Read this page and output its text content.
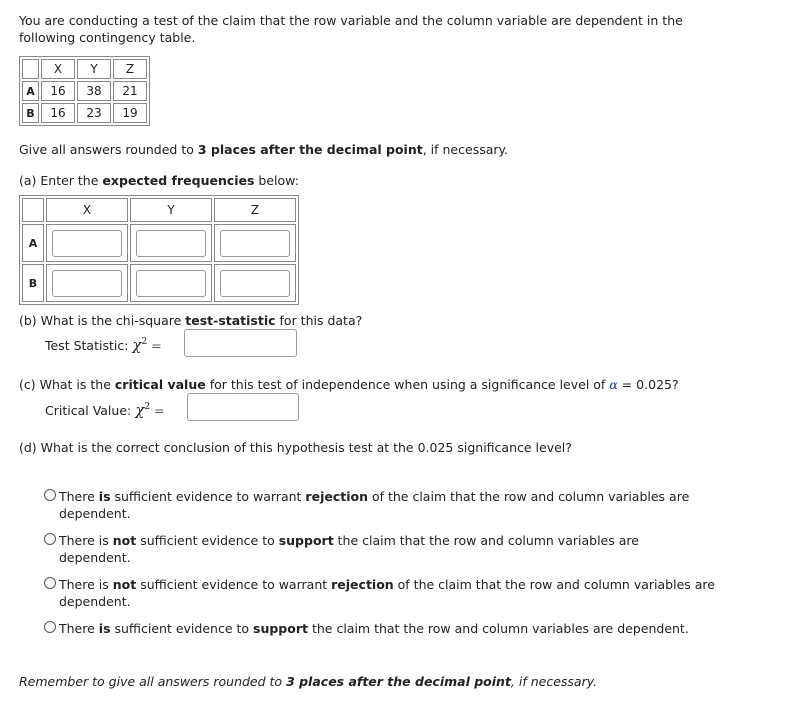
You are conducting a test of the claim that the row variable and the column variable are dependent in the
following contingency table.

	X	Y	Z
A	16	38	21
B	16	23	19

Give all answers rounded to 3 places after the decimal point, if necessary.

(a) Enter the expected frequencies below:

	X	Y	Z
A	

B	

(b) What is the chi-square test-statistic for this data?

Test Statistic: $\chi^2$ =

(c) What is the critical value for this test of independence when using a significance level of α = 0.025?

Critical Value: $\chi^2$ =

(d) What is the correct conclusion of this hypothesis test at the 0.025 significance level?

There is sufficient evidence to warrant rejection of the claim that the row and column variables are dependent.
There is not sufficient evidence to support the claim that the row and column variables are dependent.
There is not sufficient evidence to warrant rejection of the claim that the row and column variables are dependent.
There is sufficient evidence to support the claim that the row and column variables are dependent.

Remember to give all answers rounded to 3 places after the decimal point, if necessary.
